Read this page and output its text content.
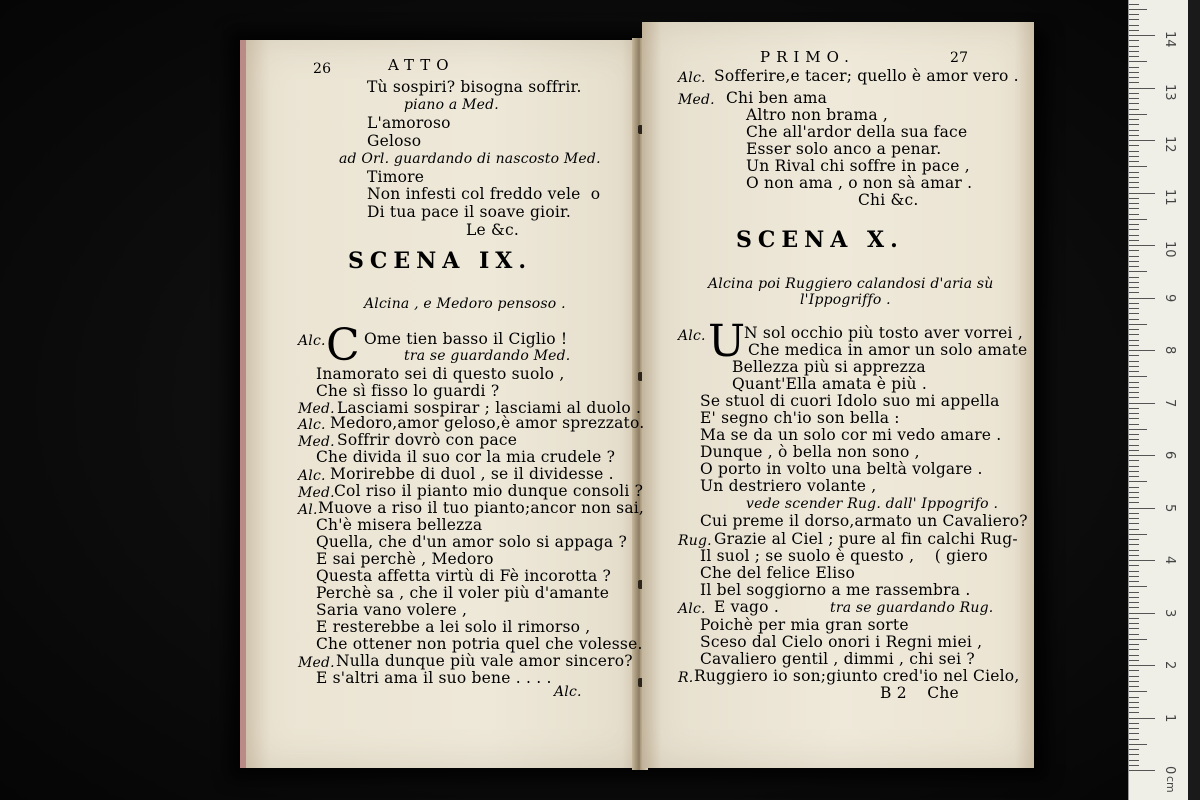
26	ATTO
Tù sospiri? bisogna soffrir.
piano a Med.
L'amoroso
Geloso
ad Orl. guardando di nascosto Med.
Timore
Non infesti col freddo vele  o
Di tua pace il soave gioir.
Le &c.
SCENA IX.
Alcina , e Medoro pensoso .
Alc. C Ome tien basso il Ciglio !
tra se guardando Med.
Inamorato sei di questo suolo ,
Che sì fisso lo guardi ?
Med. Lasciami sospirar ; lasciami al duolo .
Alc. Medoro,amor geloso,è amor sprezzato.
Med. Soffrir dovrò con pace
Che divida il suo cor la mia crudele ?
Alc. Morirebbe di duol , se il dividesse .
Med. Col riso il pianto mio dunque consoli ?
Al. Muove a riso il tuo pianto;ancor non sai,
Ch'è misera bellezza
Quella, che d'un amor solo si appaga ?
E sai perchè , Medoro
Questa affetta virtù di Fè incorotta ?
Perchè sa , che il voler più d'amante
Saria vano volere ,
E resterebbe a lei solo il rimorso ,
Che ottener non potria quel che volesse.
Med. Nulla dunque più vale amor sincero?
E s'altri ama il suo bene . . . .
Alc.
PRIMO.	27
Alc. Sofferire,e tacer; quello è amor vero .
Med. Chi ben ama
Altro non brama ,
Che all'ardor della sua face
Esser solo anco a penar.
Un Rival chi soffre in pace ,
O non ama , o non sà amar .
Chi &c.
SCENA X.
Alcina poi Ruggiero calandosi d'aria sù
l'Ippogriffo .
Alc. U
N sol occhio più tosto aver vorrei ,
Che medica in amor un solo amate
Bellezza più si apprezza
Quant'Ella amata è più .
Se stuol di cuori Idolo suo mi appella
E' segno ch'io son bella :
Ma se da un solo cor mi vedo amare .
Dunque , ò bella non sono ,
O porto in volto una beltà volgare .
Un destriero volante ,
vede scender Rug. dall' Ippogrifo .
Cui preme il dorso,armato un Cavaliero?
Rug. Grazie al Ciel ; pure al fin calchi Rug-
Il suol ; se suolo è questo ,    ( giero
Che del felice Eliso
Il bel soggiorno a me rassembra .
Alc. E vago .	tra se guardando Rug.
Poichè per mia gran sorte
Sceso dal Cielo onori i Regni miei ,
Cavaliero gentil , dimmi , chi sei ?
R. Ruggiero io son;giunto cred'io nel Cielo,
B 2    Che
0
1
2
3
4
5
6
7
8
9
10
11
12
13
14
cm
